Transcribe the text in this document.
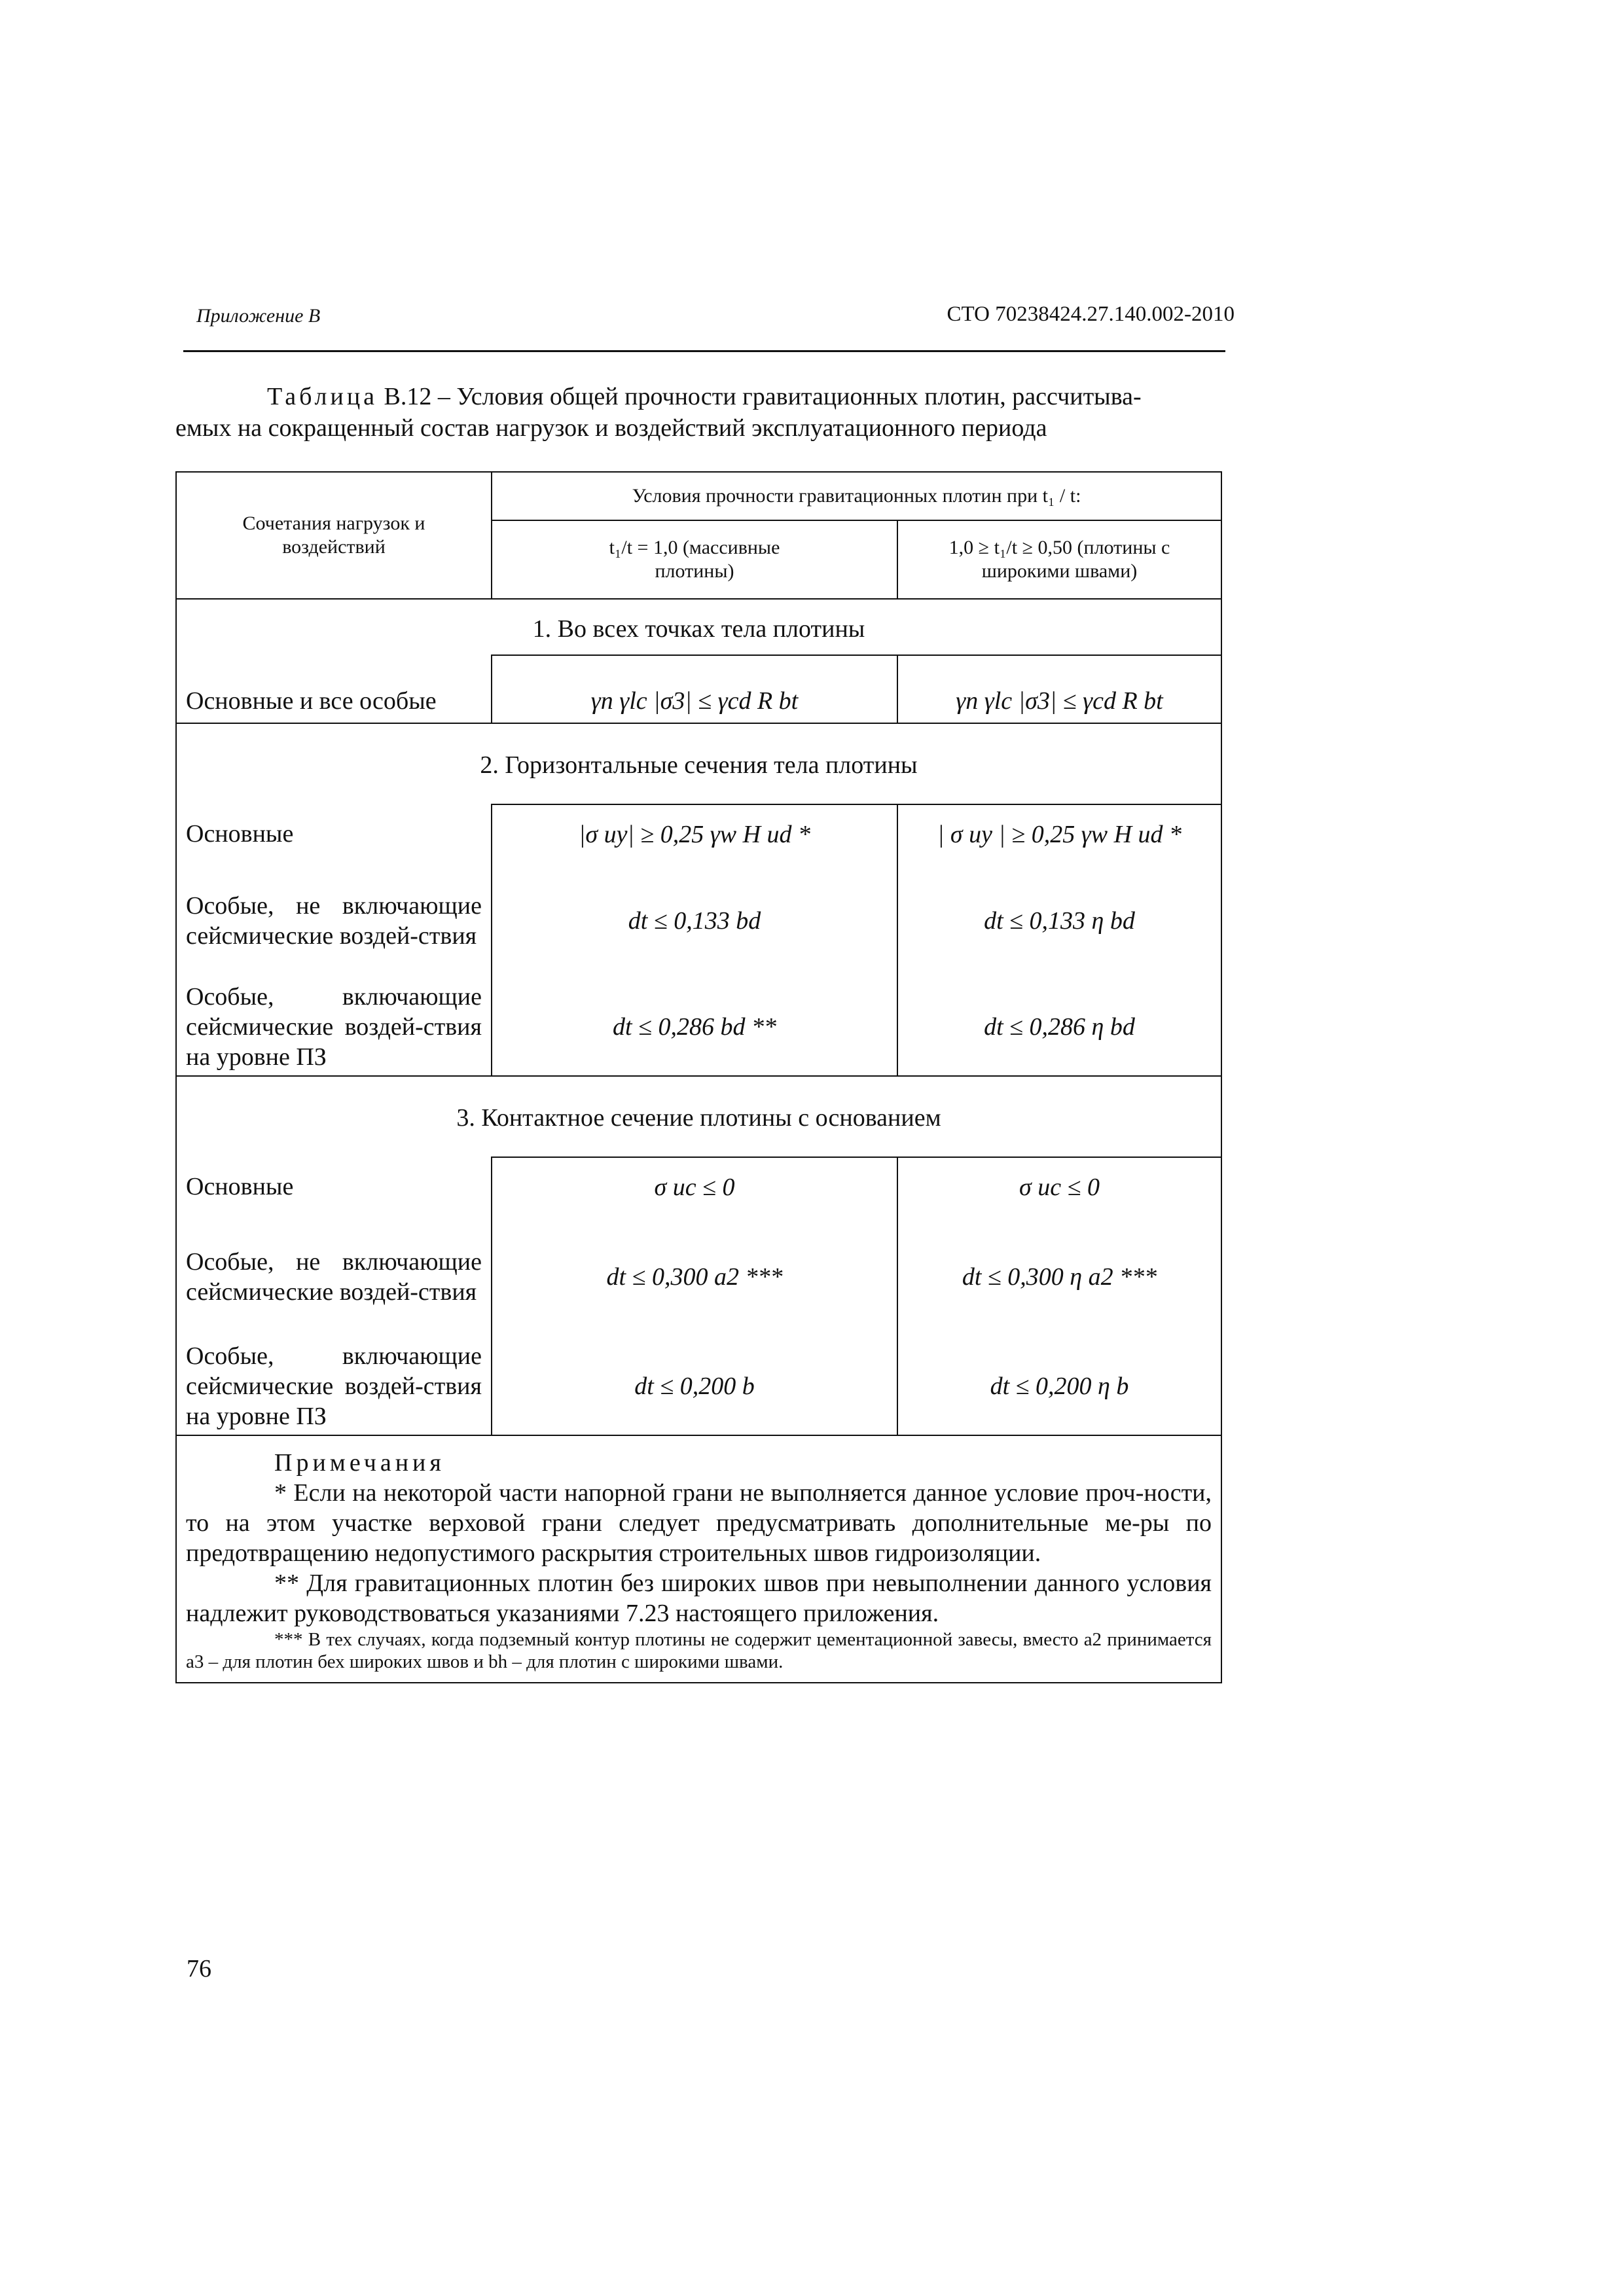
Приложение В	СТО 70238424.27.140.002-2010
Таблица В.12 – Условия общей прочности гравитационных плотин, рассчитыва-
емых на сокращенный состав нагрузок и воздействий эксплуатационного периода
Сочетания нагрузок и воздействий	Условия прочности гравитационных плотин при t₁ / t:	

	t₁/t = 1,0 (массивные плотины)	1,0 ≥ t₁/t ≥ 0,50 (плотины с широкими швами)

1. Во всех точках тела плотины		
Основные и все особые	γn γlc |σ3| ≤ γcd R bt	γn γlc |σ3| ≤ γcd R bt
2. Горизонтальные сечения тела плотины		
Основные	|σ uy| ≥ 0,25 γw H ud *	| σ uy | ≥ 0,25 γw H ud *
Особые, не включающие сейсмические воздей-ствия	dt ≤ 0,133 bd	dt ≤ 0,133 η bd
Особые, включающие сейсмические воздей-ствия на уровне ПЗ	dt ≤ 0,286 bd **	dt ≤ 0,286 η bd
3. Контактное сечение плотины с основанием		
Основные	σ uc ≤ 0	σ uc ≤ 0
Особые, не включающие сейсмические воздей-ствия	dt ≤ 0,300 a2 ***	dt ≤ 0,300 η a2 ***
Особые, включающие сейсмические воздей-ствия на уровне ПЗ	dt ≤ 0,200 b	dt ≤ 0,200 η b

Примечания
* Если на некоторой части напорной грани не выполняется данное условие проч-ности, то на этом участке верховой грани следует предусматривать дополнительные ме-ры по предотвращению недопустимого раскрытия строительных швов гидроизоляции.
** Для гравитационных плотин без широких швов при невыполнении данного условия надлежит руководствоваться указаниями 7.23 настоящего приложения.
*** В тех случаях, когда подземный контур плотины не содержит цементационной завесы, вместо a2 принимается a3 – для плотин бех широких швов и bh – для плотин с широкими швами.		
76
